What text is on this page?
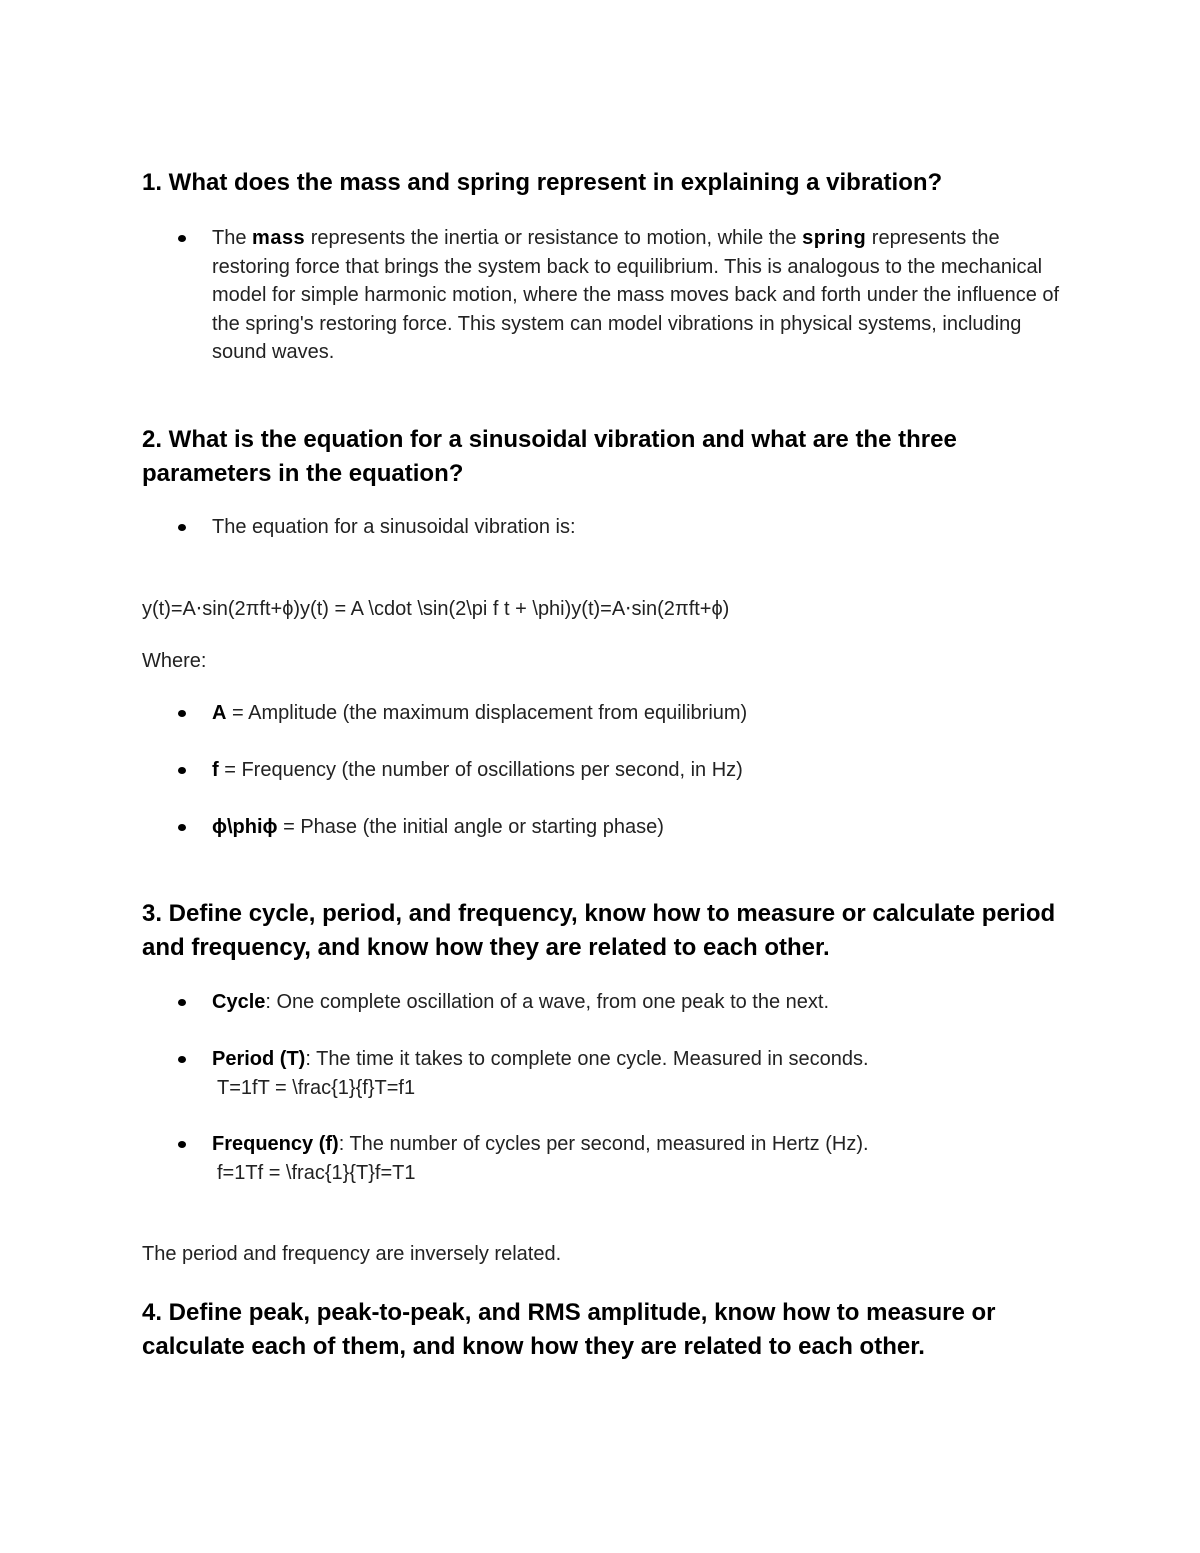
1. What does the mass and spring represent in explaining a vibration?
The mass represents the inertia or resistance to motion, while the spring represents the restoring force that brings the system back to equilibrium. This is analogous to the mechanical model for simple harmonic motion, where the mass moves back and forth under the influence of the spring's restoring force. This system can model vibrations in physical systems, including sound waves.
2. What is the equation for a sinusoidal vibration and what are the three parameters in the equation?
The equation for a sinusoidal vibration is:
y(t)=A⋅sin(2πft+ϕ)y(t) = A \cdot \sin(2\pi f t + \phi)y(t)=A⋅sin(2πft+ϕ)
Where:
A = Amplitude (the maximum displacement from equilibrium)
f = Frequency (the number of oscillations per second, in Hz)
ϕ\phiϕ = Phase (the initial angle or starting phase)
3. Define cycle, period, and frequency, know how to measure or calculate period and frequency, and know how they are related to each other.
Cycle: One complete oscillation of a wave, from one peak to the next.
Period (T): The time it takes to complete one cycle. Measured in seconds.
T=1fT = \frac{1}{f}T=f1
Frequency (f): The number of cycles per second, measured in Hertz (Hz).
f=1Tf = \frac{1}{T}f=T1
The period and frequency are inversely related.
4. Define peak, peak-to-peak, and RMS amplitude, know how to measure or calculate each of them, and know how they are related to each other.
